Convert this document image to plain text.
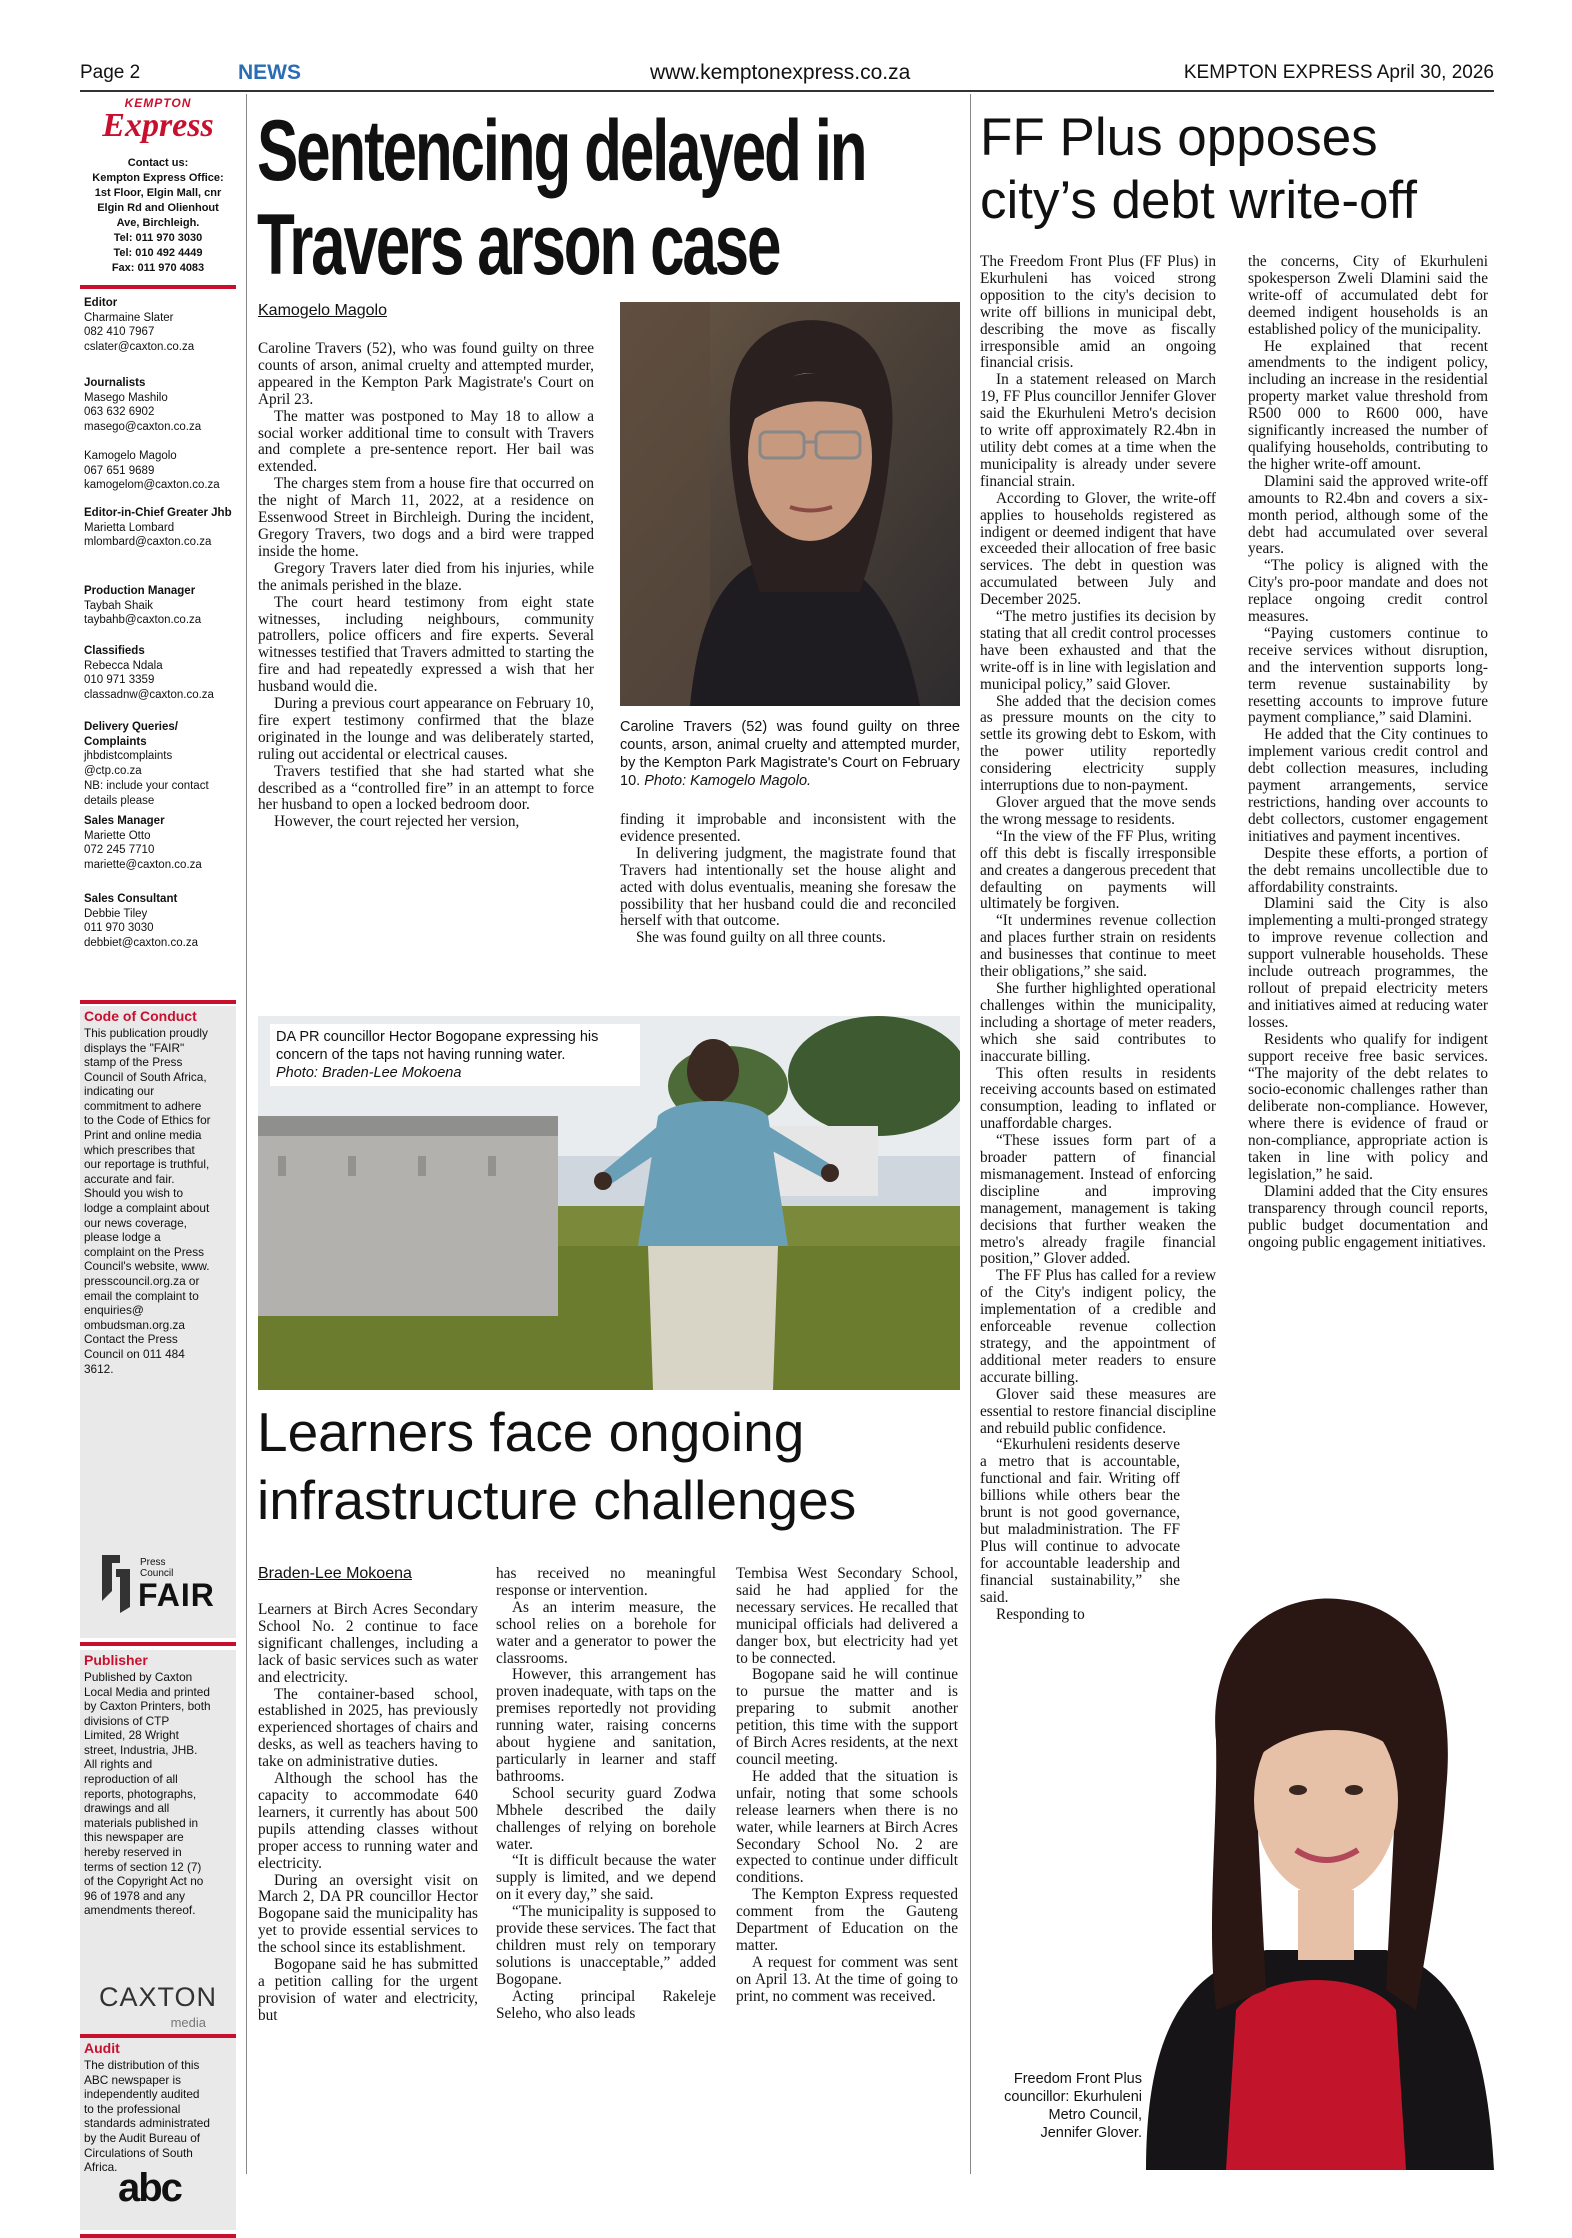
Page 2	NEWS	www.kemptonexpress.co.za	KEMPTON EXPRESS April 30, 2026
KEMPTON
Express
Contact us:
Kempton Express Office:
1st Floor, Elgin Mall, cnr
Elgin Rd and Olienhout
Ave, Birchleigh.
Tel: 011 970 3030
Tel: 010 492 4449
Fax: 011 970 4083
Editor
Charmaine Slater
082 410 7967
cslater@caxton.co.za
Journalists
Masego Mashilo
063 632 6902
masego@caxton.co.za
Kamogelo Magolo
067 651 9689
kamogelom@caxton.co.za
Editor-in-Chief Greater Jhb
Marietta Lombard
mlombard@caxton.co.za
Production Manager
Taybah Shaik
taybahb@caxton.co.za
Classifieds
Rebecca Ndala
010 971 3359
classadnw@caxton.co.za
Delivery Queries/ Complaints
jhbdistcomplaints
@ctp.co.za
NB: include your contact
details please
Sales Manager
Mariette Otto
072 245 7710
mariette@caxton.co.za
Sales Consultant
Debbie Tiley
011 970 3030
debbiet@caxton.co.za
Code of Conduct
This publication proudly displays the "FAIR" stamp of the Press Council of South Africa, indicating our commitment to adhere to the Code of Ethics for Print and online media which prescribes that our reportage is truthful, accurate and fair. Should you wish to lodge a complaint about our news coverage, please lodge a complaint on the Press Council's website, www. presscouncil.org.za or email the complaint to enquiries@ ombudsman.org.za Contact the Press Council on 011 484 3612.
Press Council
FAIR
Publisher
Published by Caxton Local Media and printed by Caxton Printers, both divisions of CTP Limited, 28 Wright street, Industria, JHB. All rights and reproduction of all reports, photographs, drawings and all materials published in this newspaper are hereby reserved in terms of section 12 (7) of the Copyright Act no 96 of 1978 and any amendments thereof.
CAXTON
media
Audit
The distribution of this ABC newspaper is independently audited to the professional standards administrated by the Audit Bureau of Circulations of South Africa. abc
Sentencing delayed in
Travers arson case
Kamogelo Magolo

Caroline Travers (52), who was found guilty on three counts of arson, animal cruelty and attempted murder, appeared in the Kempton Park Magistrate's Court on April 23.

The matter was postponed to May 18 to allow a social worker additional time to consult with Travers and complete a pre-sentence report. Her bail was extended.

The charges stem from a house fire that occurred on the night of March 11, 2022, at a residence on Essenwood Street in Birchleigh. During the incident, Gregory Travers, two dogs and a bird were trapped inside the home.

Gregory Travers later died from his injuries, while the animals perished in the blaze.

The court heard testimony from eight state witnesses, including neighbours, community patrollers, police officers and fire experts. Several witnesses testified that Travers admitted to starting the fire and had repeatedly expressed a wish that her husband would die.

During a previous court appearance on February 10, fire expert testimony confirmed that the blaze originated in the lounge and was deliberately started, ruling out accidental or electrical causes.

Travers testified that she had started what she described as a “controlled fire” in an attempt to force her husband to open a locked bedroom door.

However, the court rejected her version,

Caroline Travers (52) was found guilty on three counts, arson, animal cruelty and attempted murder, by the Kempton Park Magistrate's Court on February 10. Photo: Kamogelo Magolo.

finding it improbable and inconsistent with the evidence presented.

In delivering judgment, the magistrate found that Travers had intentionally set the house alight and acted with dolus eventualis, meaning she foresaw the possibility that her husband could die and reconciled herself with that outcome.

She was found guilty on all three counts.

DA PR councillor Hector Bogopane expressing his concern of the taps not having running water.
Photo: Braden-Lee Mokoena
Learners face ongoing
infrastructure challenges
Braden-Lee Mokoena

Learners at Birch Acres Secondary School No. 2 continue to face significant challenges, including a lack of basic services such as water and electricity.

The container-based school, established in 2025, has previously experienced shortages of chairs and desks, as well as teachers having to take on administrative duties.

Although the school has the capacity to accommodate 640 learners, it currently has about 500 pupils attending classes without proper access to running water and electricity.

During an oversight visit on March 2, DA PR councillor Hector Bogopane said the municipality has yet to provide essential services to the school since its establishment.

Bogopane said he has submitted a petition calling for the urgent provision of water and electricity, but

has received no meaningful response or intervention.

As an interim measure, the school relies on a borehole for water and a generator to power the classrooms.

However, this arrangement has proven inadequate, with taps on the premises reportedly not providing running water, raising concerns about hygiene and sanitation, particularly in learner and staff bathrooms.

School security guard Zodwa Mbhele described the daily challenges of relying on borehole water.

“It is difficult because the water supply is limited, and we depend on it every day,” she said.

“The municipality is supposed to provide these services. The fact that children must rely on temporary solutions is unacceptable,” added Bogopane.

Acting principal Rakeleje Seleho, who also leads

Tembisa West Secondary School, said he had applied for the necessary services. He recalled that municipal officials had delivered a danger box, but electricity had yet to be connected.

Bogopane said he will continue to pursue the matter and is preparing to submit another petition, this time with the support of Birch Acres residents, at the next council meeting.

He added that the situation is unfair, noting that some schools release learners when there is no water, while learners at Birch Acres Secondary School No. 2 are expected to continue under difficult conditions.

The Kempton Express requested comment from the Gauteng Department of Education on the matter.

A request for comment was sent on April 13. At the time of going to print, no comment was received.

FF Plus opposes
city’s debt write-off

The Freedom Front Plus (FF Plus) in Ekurhuleni has voiced strong opposition to the city's decision to write off billions in municipal debt, describing the move as fiscally irresponsible amid an ongoing financial crisis.

In a statement released on March 19, FF Plus councillor Jennifer Glover said the Ekurhuleni Metro's decision to write off approximately R2.4bn in utility debt comes at a time when the municipality is already under severe financial strain.

According to Glover, the write-off applies to households registered as indigent or deemed indigent that have exceeded their allocation of free basic services. The debt in question was accumulated between July and December 2025.

“The metro justifies its decision by stating that all credit control processes have been exhausted and that the write-off is in line with legislation and municipal policy,” said Glover.

She added that the decision comes as pressure mounts on the city to settle its growing debt to Eskom, with the power utility reportedly considering electricity supply interruptions due to non-payment.

Glover argued that the move sends the wrong message to residents.

“In the view of the FF Plus, writing off this debt is fiscally irresponsible and creates a dangerous precedent that defaulting on payments will ultimately be forgiven.

“It undermines revenue collection and places further strain on residents and businesses that continue to meet their obligations,” she said.

She further highlighted operational challenges within the municipality, including a shortage of meter readers, which she said contributes to inaccurate billing.

This often results in residents receiving accounts based on estimated consumption, leading to inflated or unaffordable charges.

“These issues form part of a broader pattern of financial mismanagement. Instead of enforcing discipline and improving management, management is taking decisions that further weaken the metro's already fragile financial position,” Glover added.

The FF Plus has called for a review of the City's indigent policy, the implementation of a credible and enforceable revenue collection strategy, and the appointment of additional meter readers to ensure accurate billing.

Glover said these measures are essential to restore financial discipline and rebuild public confidence.

“Ekurhuleni residents deserve a metro that is accountable, functional and fair. Writing off billions while others bear the brunt is not good governance, but maladministration. The FF Plus will continue to advocate for accountable leadership and financial sustainability,” she said.

Responding to

the concerns, City of Ekurhuleni spokesperson Zweli Dlamini said the write-off of accumulated debt for deemed indigent households is an established policy of the municipality.

He explained that recent amendments to the indigent policy, including an increase in the residential property market value threshold from R500 000 to R600 000, have significantly increased the number of qualifying households, contributing to the higher write-off amount.

Dlamini said the approved write-off amounts to R2.4bn and covers a six-month period, although some of the debt had accumulated over several years.

“The policy is aligned with the City's pro-poor mandate and does not replace ongoing credit control measures.

“Paying customers continue to receive services without disruption, and the intervention supports long-term revenue sustainability by resetting accounts to improve future payment compliance,” said Dlamini.

He added that the City continues to implement various credit control and debt collection measures, including payment arrangements, service restrictions, handing over accounts to debt collectors, customer engagement initiatives and payment incentives.

Despite these efforts, a portion of the debt remains uncollectible due to affordability constraints.

Dlamini said the City is also implementing a multi-pronged strategy to improve revenue collection and support vulnerable households. These include outreach programmes, the rollout of prepaid electricity meters and initiatives aimed at reducing water losses.

Residents who qualify for indigent support receive free basic services. “The majority of the debt relates to socio-economic challenges rather than deliberate non-compliance. However, where there is evidence of fraud or non-compliance, appropriate action is taken in line with policy and legislation,” he said.

Dlamini added that the City ensures transparency through council reports, public budget documentation and ongoing public engagement initiatives.

Freedom Front Plus councillor: Ekurhuleni Metro Council, Jennifer Glover.
